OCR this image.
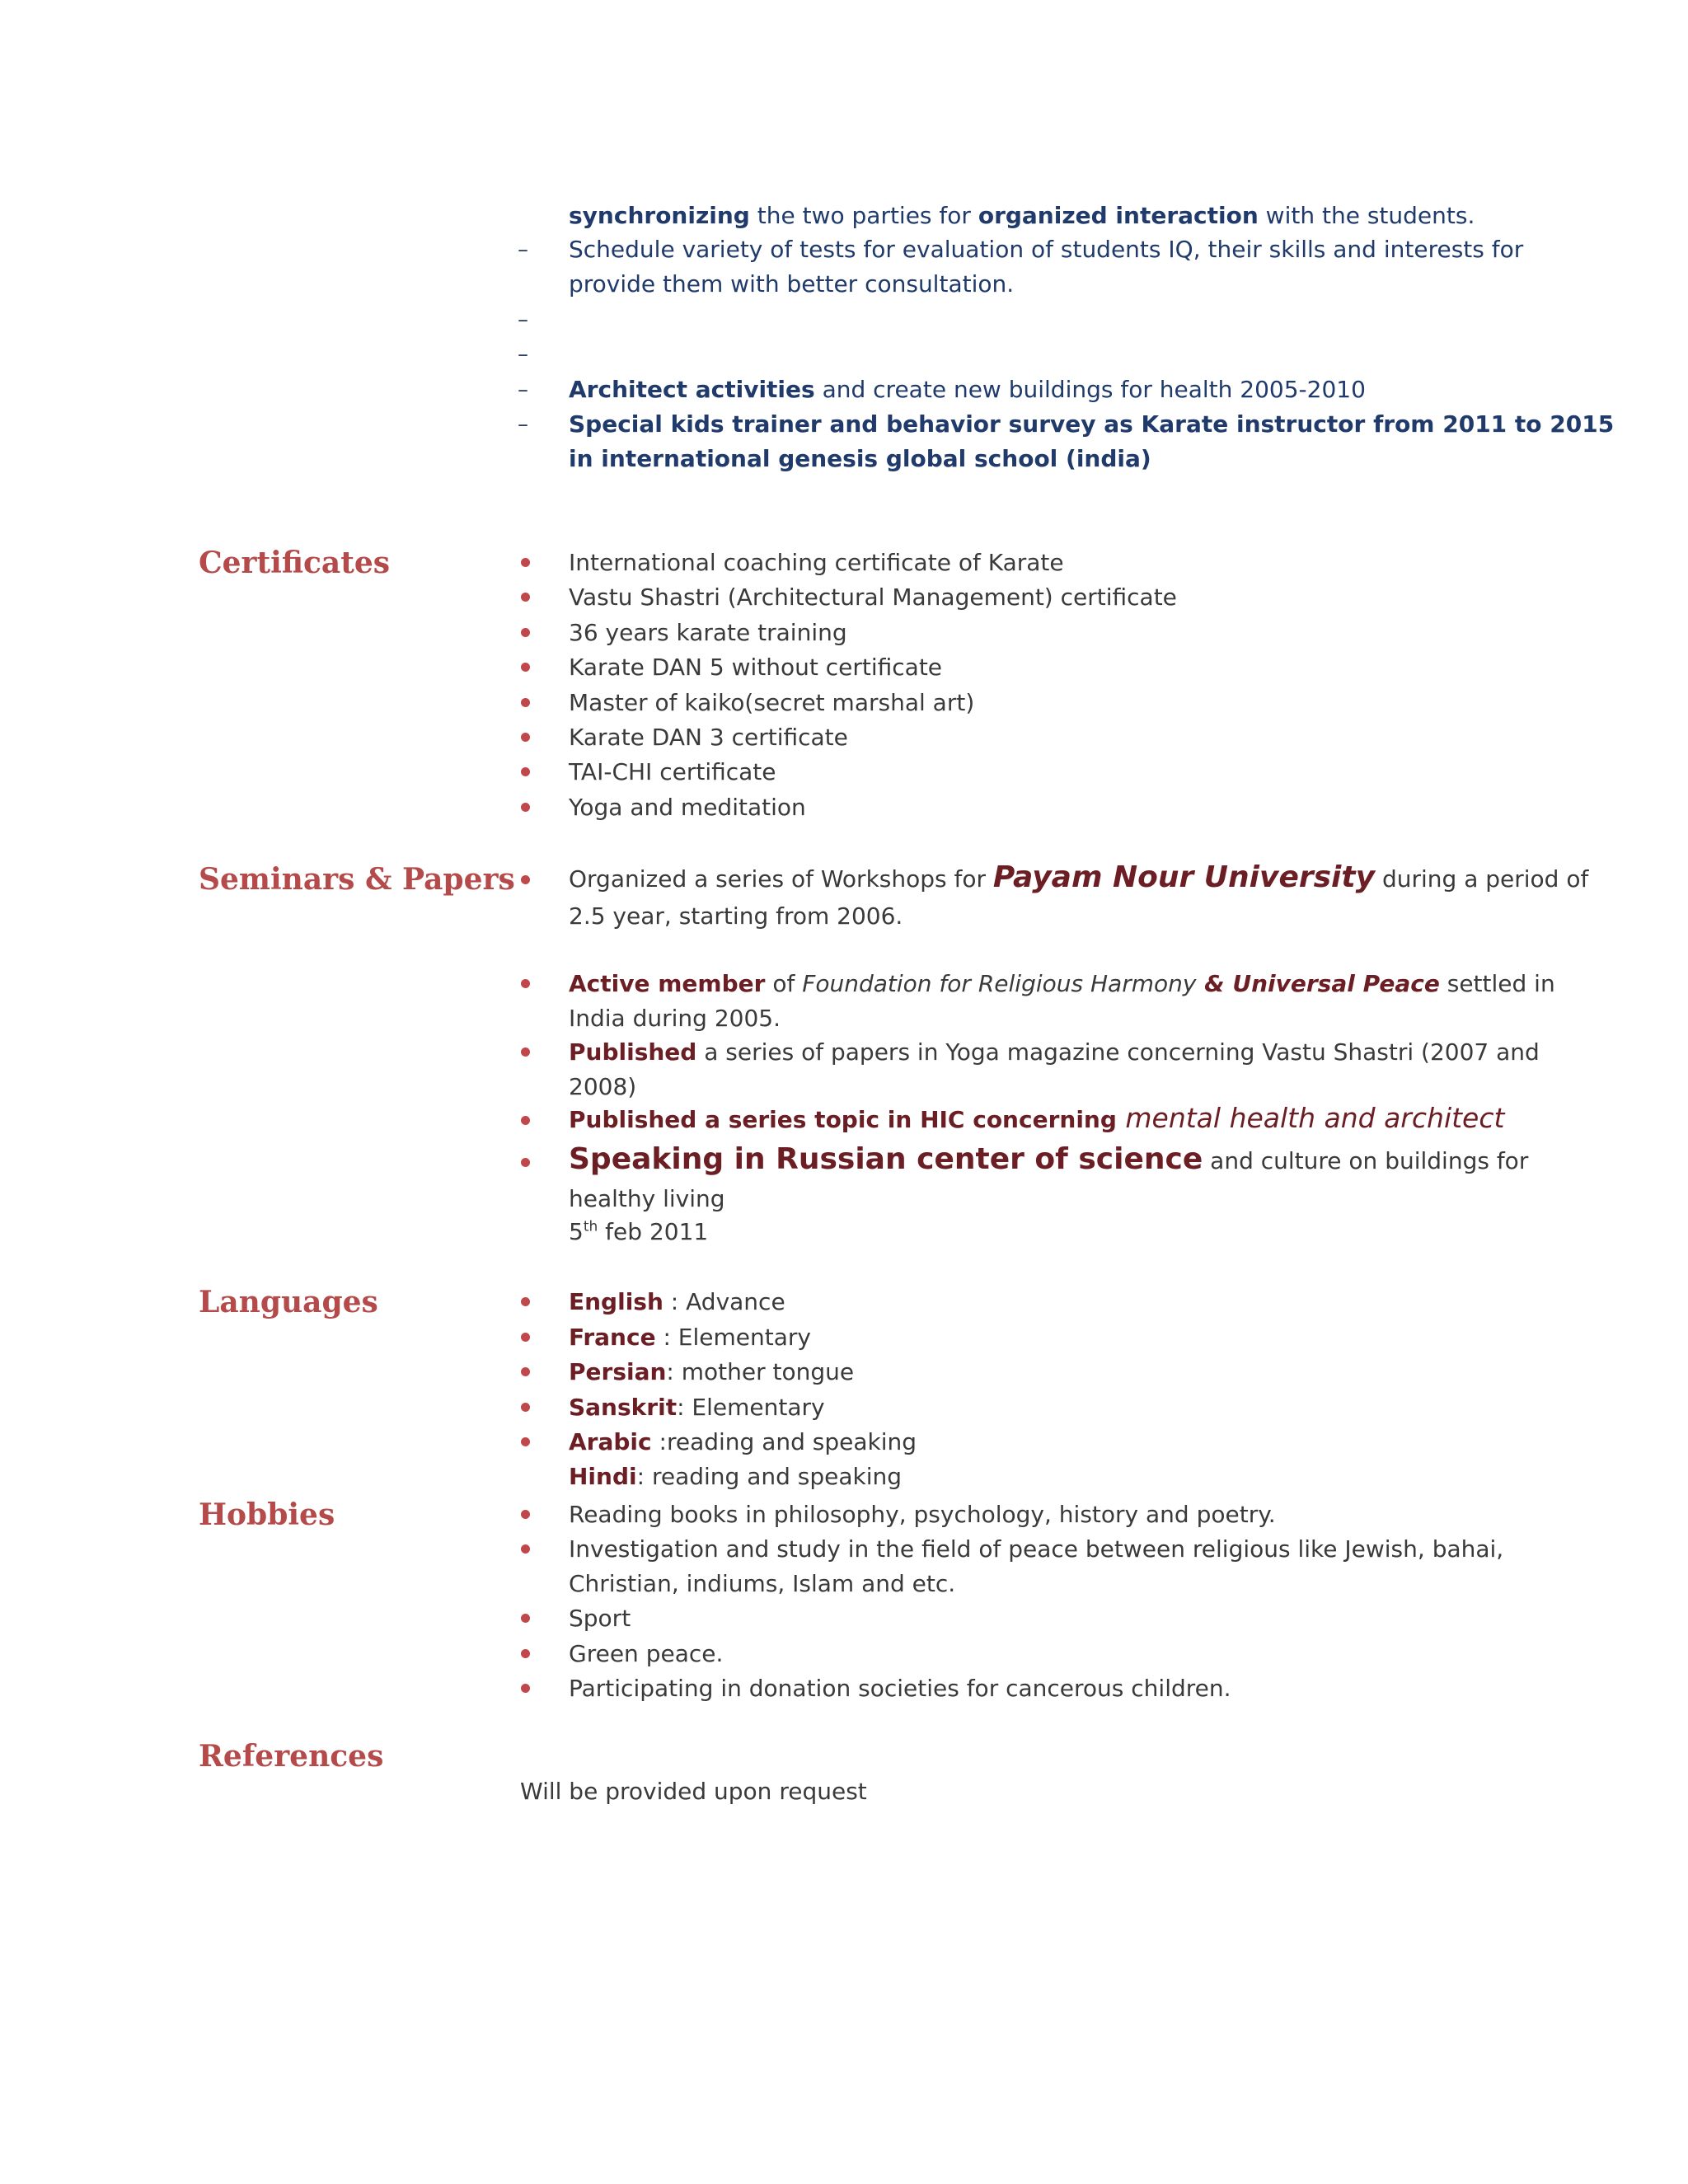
synchronizing the two parties for organized interaction with the students.
– Schedule variety of tests for evaluation of students IQ, their skills and interests for
provide them with better consultation.
–
–
– Architect activities and create new buildings for health 2005-2010
– Special kids trainer and behavior survey as Karate instructor from 2011 to 2015
in international genesis global school (india)
Certificates	International coaching certificate of Karate
Vastu Shastri (Architectural Management) certificate
36 years karate training
Karate DAN 5 without certificate
Master of kaiko(secret marshal art)
Karate DAN 3 certificate
TAI-CHI certificate
Yoga and meditation
Seminars & Papers Organized a series of Workshops for Payam Nour University during a period of
2.5 year, starting from 2006.
Active member of Foundation for Religious Harmony & Universal Peace settled in
India during 2005.
Published a series of papers in Yoga magazine concerning Vastu Shastri (2007 and
2008)
Published a series topic in HIC concerning mental health and architect
Speaking in Russian center of science and culture on buildings for
healthy living
5th feb 2011
Languages	English : Advance
France : Elementary
Persian: mother tongue
Sanskrit: Elementary
Arabic :reading and speaking
Hindi: reading and speaking
Hobbies	Reading books in philosophy, psychology, history and poetry.
Investigation and study in the field of peace between religious like Jewish, bahai,
Christian, indiums, Islam and etc.
Sport
Green peace.
Participating in donation societies for cancerous children.
References
Will be provided upon request
